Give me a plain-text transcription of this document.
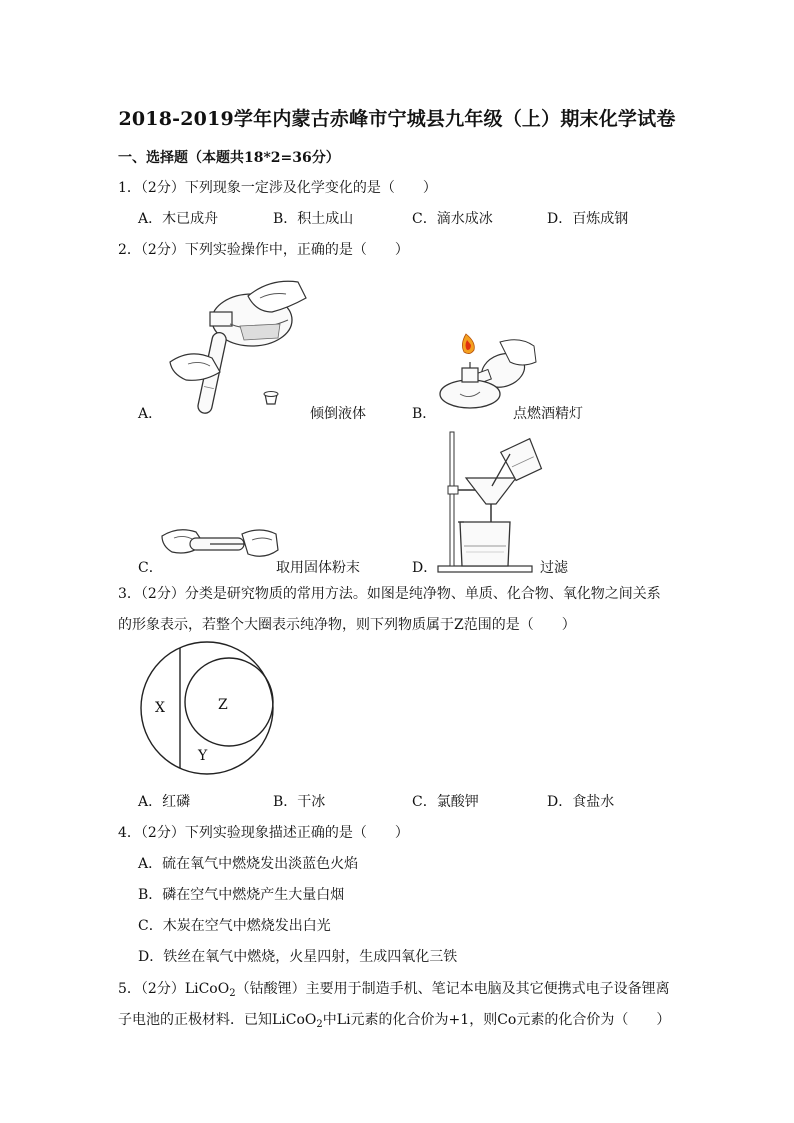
2018-2019学年内蒙古赤峰市宁城县九年级（上）期末化学试卷
一、选择题（本题共18*2=36分）
1．（2分）下列现象一定涉及化学变化的是（　　）
A．木已成舟	B．积土成山	C．滴水成冰	D．百炼成钢
2．（2分）下列实验操作中，正确的是（　　）
A．	倾倒液体	B．	点燃酒精灯
C．	取用固体粉末	D．	过滤
3．（2分）分类是研究物质的常用方法。如图是纯净物、单质、化合物、氧化物之间关系
的形象表示，若整个大圈表示纯净物，则下列物质属于Z范围的是（　　）
X	Z
Y
A．红磷	B．干冰	C．氯酸钾	D．食盐水
4．（2分）下列实验现象描述正确的是（　　）
A．硫在氧气中燃烧发出淡蓝色火焰
B．磷在空气中燃烧产生大量白烟
C．木炭在空气中燃烧发出白光
D．铁丝在氧气中燃烧，火星四射，生成四氧化三铁
5．（2分）LiCoO$_2$（钴酸锂）主要用于制造手机、笔记本电脑及其它便携式电子设备锂离
子电池的正极材料．已知LiCoO$_2$中Li元素的化合价为+1，则Co元素的化合价为（　　）
